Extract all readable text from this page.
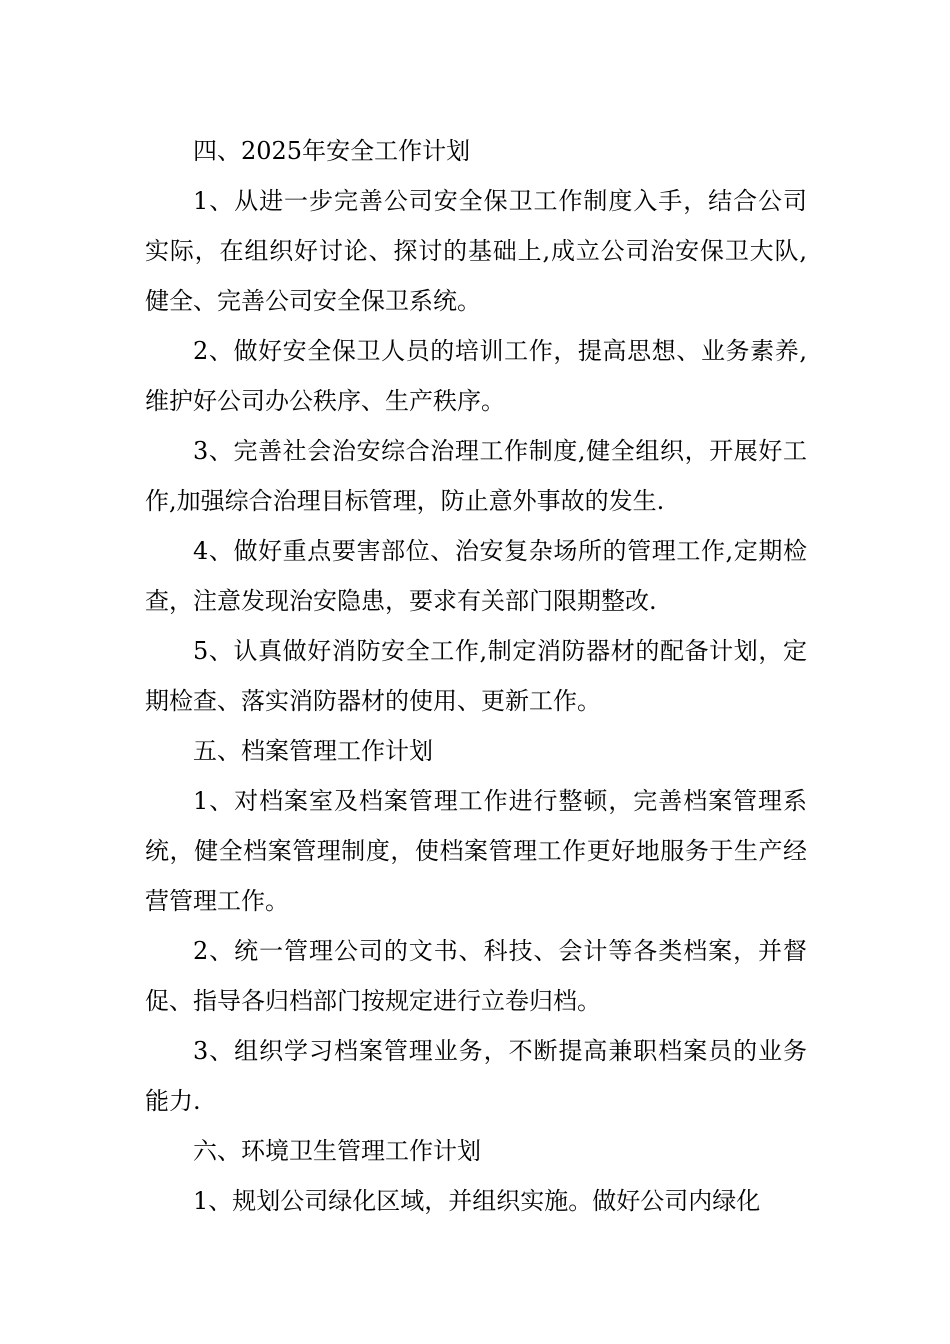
四、2025年安全工作计划

1、从进一步完善公司安全保卫工作制度入手，结合公司实际，在组织好讨论、探讨的基础上,成立公司治安保卫大队,健全、完善公司安全保卫系统。

2、做好安全保卫人员的培训工作，提高思想、业务素养,维护好公司办公秩序、生产秩序。

3、完善社会治安综合治理工作制度,健全组织，开展好工作,加强综合治理目标管理，防止意外事故的发生.

4、做好重点要害部位、治安复杂场所的管理工作,定期检查，注意发现治安隐患，要求有关部门限期整改.

5、认真做好消防安全工作,制定消防器材的配备计划，定期检查、落实消防器材的使用、更新工作。

五、档案管理工作计划

1、对档案室及档案管理工作进行整顿，完善档案管理系统，健全档案管理制度，使档案管理工作更好地服务于生产经营管理工作。

2、统一管理公司的文书、科技、会计等各类档案，并督促、指导各归档部门按规定进行立卷归档。

3、组织学习档案管理业务，不断提高兼职档案员的业务能力.

六、环境卫生管理工作计划

1、规划公司绿化区域，并组织实施。做好公司内绿化
